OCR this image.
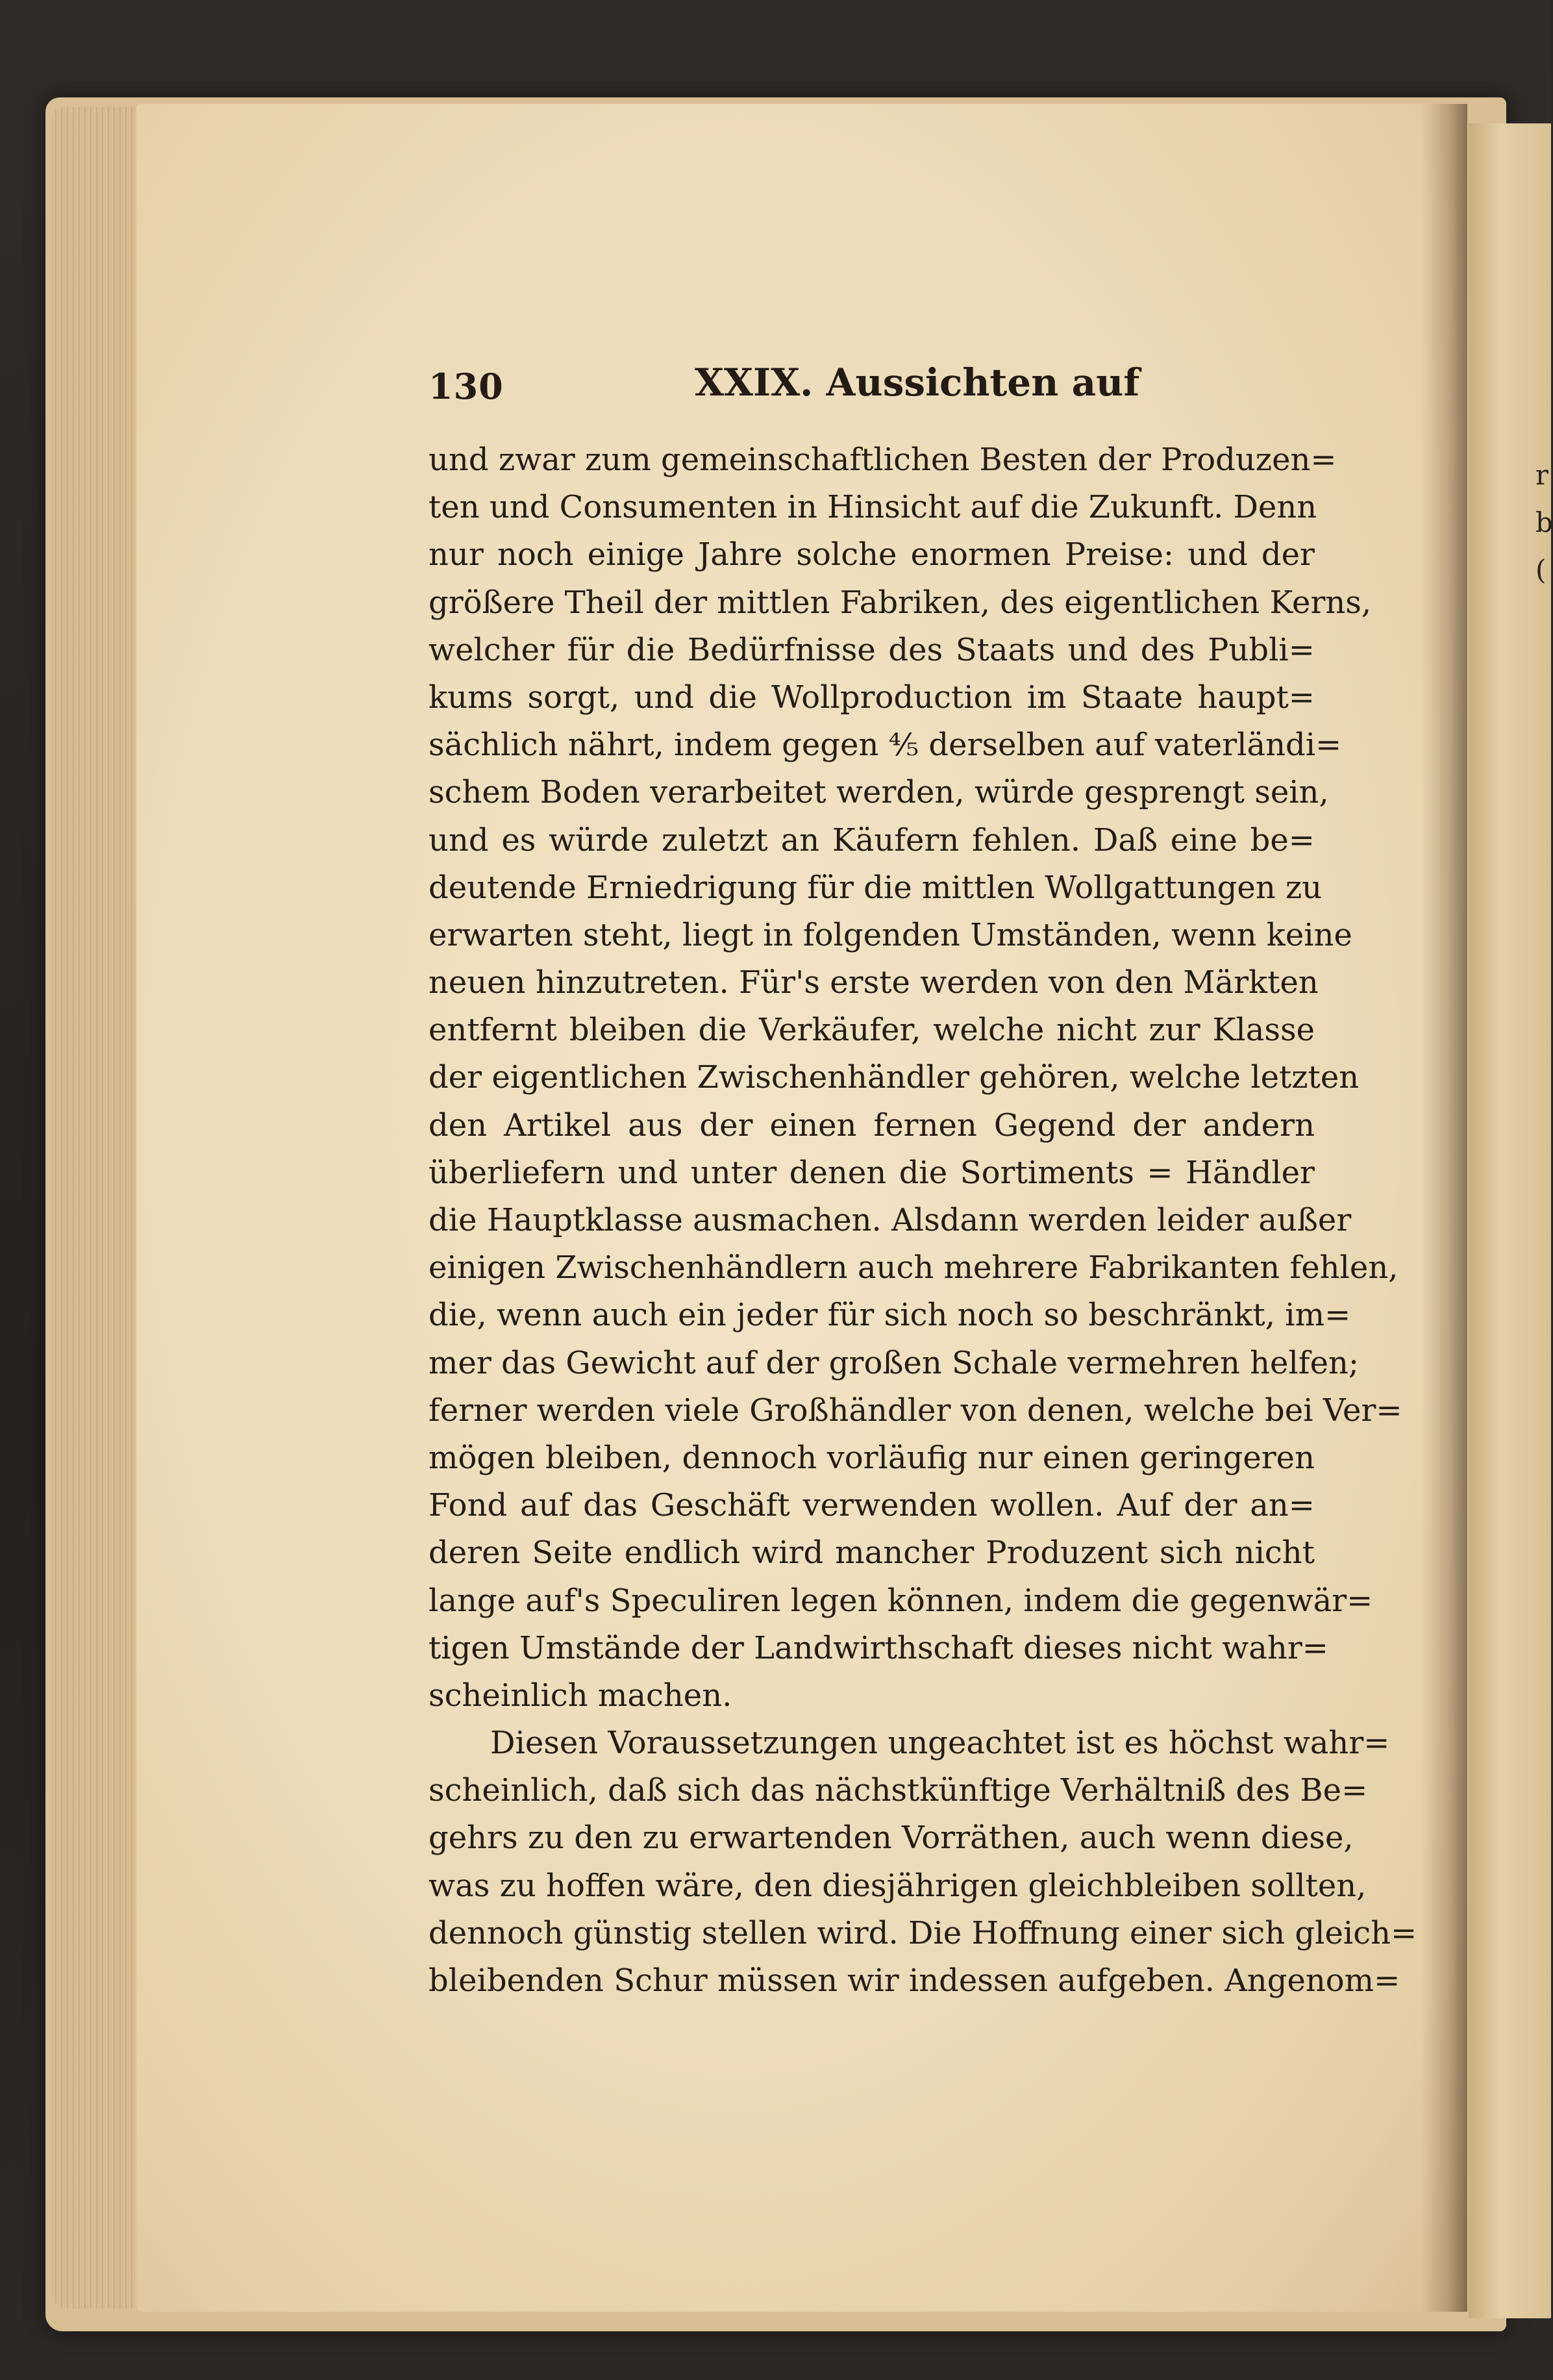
r
b
(
130	XXIX. Aussichten auf
und zwar zum gemeinschaftlichen Besten der Produzen=
ten und Consumenten in Hinsicht auf die Zukunft. Denn
nur noch einige Jahre solche enormen Preise: und der
größere Theil der mittlen Fabriken, des eigentlichen Kerns,
welcher für die Bedürfnisse des Staats und des Publi=
kums sorgt, und die Wollproduction im Staate haupt=
sächlich nährt, indem gegen ⅘ derselben auf vaterländi=
schem Boden verarbeitet werden, würde gesprengt sein,
und es würde zuletzt an Käufern fehlen. Daß eine be=
deutende Erniedrigung für die mittlen Wollgattungen zu
erwarten steht, liegt in folgenden Umständen, wenn keine
neuen hinzutreten. Für's erste werden von den Märkten
entfernt bleiben die Verkäufer, welche nicht zur Klasse
der eigentlichen Zwischenhändler gehören, welche letzten
den Artikel aus der einen fernen Gegend der andern
überliefern und unter denen die Sortiments = Händler
die Hauptklasse ausmachen. Alsdann werden leider außer
einigen Zwischenhändlern auch mehrere Fabrikanten fehlen,
die, wenn auch ein jeder für sich noch so beschränkt, im=
mer das Gewicht auf der großen Schale vermehren helfen;
ferner werden viele Großhändler von denen, welche bei Ver=
mögen bleiben, dennoch vorläufig nur einen geringeren
Fond auf das Geschäft verwenden wollen. Auf der an=
deren Seite endlich wird mancher Produzent sich nicht
lange auf's Speculiren legen können, indem die gegenwär=
tigen Umstände der Landwirthschaft dieses nicht wahr=
scheinlich machen.
Diesen Voraussetzungen ungeachtet ist es höchst wahr=
scheinlich, daß sich das nächstkünftige Verhältniß des Be=
gehrs zu den zu erwartenden Vorräthen, auch wenn diese,
was zu hoffen wäre, den diesjährigen gleichbleiben sollten,
dennoch günstig stellen wird. Die Hoffnung einer sich gleich=
bleibenden Schur müssen wir indessen aufgeben. Angenom=
